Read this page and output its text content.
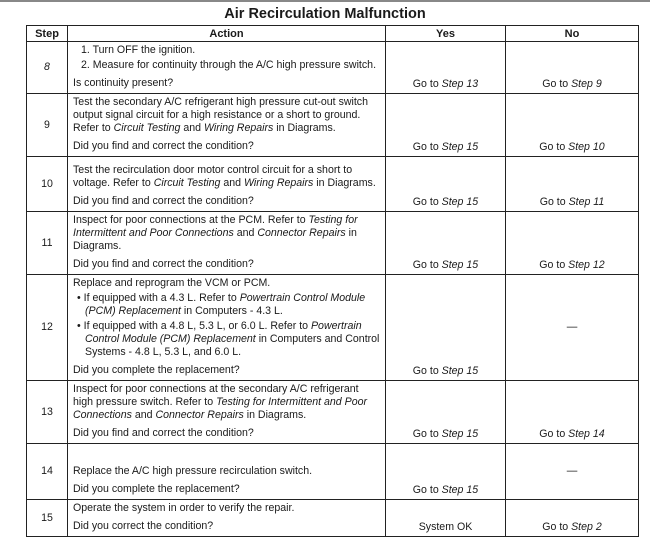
Air Recirculation Malfunction
Step	Action	Yes	No
8	1. Turn OFF the ignition.
2. Measure for continuity through the A/C high pressure switch.
Is continuity present?	Go to Step 13	Go to Step 9
9	Test the secondary A/C refrigerant high pressure cut-out switch output signal circuit for a high resistance or a short to ground. Refer to Circuit Testing and Wiring Repairs in Diagrams.
Did you find and correct the condition?	Go to Step 15	Go to Step 10
10	Test the recirculation door motor control circuit for a short to voltage. Refer to Circuit Testing and Wiring Repairs in Diagrams.
Did you find and correct the condition?	Go to Step 15	Go to Step 11
11	Inspect for poor connections at the PCM. Refer to Testing for Intermittent and Poor Connections and Connector Repairs in Diagrams.
Did you find and correct the condition?	Go to Step 15	Go to Step 12
12	Replace and reprogram the VCM or PCM.
• If equipped with a 4.3 L. Refer to Powertrain Control Module (PCM) Replacement in Computers - 4.3 L.
• If equipped with a 4.8 L, 5.3 L, or 6.0 L. Refer to Powertrain Control Module (PCM) Replacement in Computers and Control Systems - 4.8 L, 5.3 L, and 6.0 L.
Did you complete the replacement?	Go to Step 15	—
13	Inspect for poor connections at the secondary A/C refrigerant high pressure switch. Refer to Testing for Intermittent and Poor Connections and Connector Repairs in Diagrams.
Did you find and correct the condition?	Go to Step 15	Go to Step 14
14	Replace the A/C high pressure recirculation switch.
Did you complete the replacement?	Go to Step 15	—
15	Operate the system in order to verify the repair.
Did you correct the condition?	System OK	Go to Step 2
